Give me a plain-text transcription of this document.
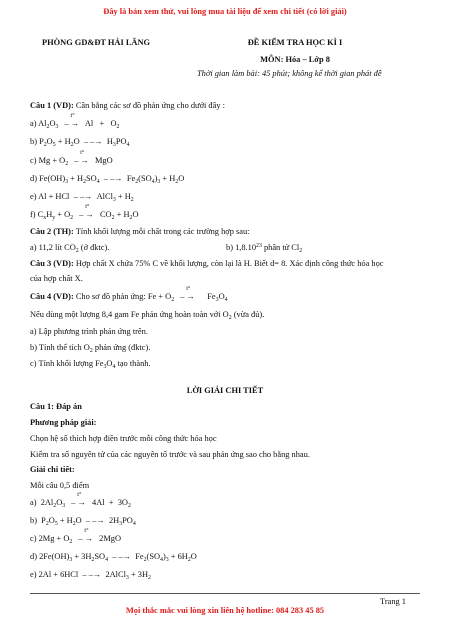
Đây là bản xem thử, vui lòng mua tài liệu để xem chi tiết (có lời giải)
PHÒNG GD&ĐT HẢI LĂNG	ĐỀ KIỂM TRA HỌC KÌ I
MÔN: Hóa – Lớp 8
Thời gian làm bài: 45 phút; không kể thời gian phát đề
Câu 1 (VD): Cân bằng các sơ đồ phản ứng cho dưới đây :
a) $Al_2O_3$ –
t°
→ $Al + O_2$
b) $P_2O_5 + H_2O$  – –→  $H_3PO_4$
c) $Mg + O_2$ –
t°
→ MgO
d) $Fe(OH)_3 + H_2SO_4$  – –→  $Fe_2(SO_4)_3 + H_2O$
e) Al + HCl  – –→  AlCl$_3$ + $H_2$
f) $C_xH_y + O_2$ –
t°
→ $CO_2 + H_2O$
Câu 2 (TH): Tính khối lượng mỗi chất trong các trường hợp sau:
a) 11,2 lít $CO_2$ (ở đktc).	b) 1,8.10$^{23}$ phân tử $Cl_2$
Câu 3 (VD): Hợp chất X chứa 75% C về khối lượng, còn lại là H. Biết d= 8. Xác định công thức hóa học
của hợp chất X.
Câu 4 (VD): Cho sơ đồ phản ứng: $Fe + O_2$ –
t°
→    $Fe_3O_4$
Nếu dùng một lượng 8,4 gam Fe phản ứng hoàn toàn với $O_2$ (vừa đủ).
a) Lập phương trình phản ứng trên.
b) Tính thể tích $O_2$ phản ứng (đktc).
c) Tính khối lượng $Fe_3O_4$ tạo thành.
LỜI GIẢI CHI TIẾT
Câu 1: Đáp án
Phương pháp giải:
Chọn hệ số thích hợp điền trước mỗi công thức hóa học
Kiểm tra số nguyên tử của các nguyên tố trước và sau phản ứng sao cho bằng nhau.
Giải chi tiết:
Mỗi câu 0,5 điểm
a)  $2Al_2O_3$ –
t°
→ $4Al + 3O_2$
b)  $P_2O_5 + H_2O$  – –→  $2H_3PO_4$
c) $2Mg + O_2$ –
t°
→ 2MgO
d) $2Fe(OH)_3 + 3H_2SO_4$  – –→  $Fe_2(SO_4)_3 + 6H_2O$
e) 2Al + 6HCl  – –→  2AlCl$_3$ + $3H_2$
Trang 1
Mọi thắc mắc vui lòng xin liên hệ hotline: 084 283 45 85
